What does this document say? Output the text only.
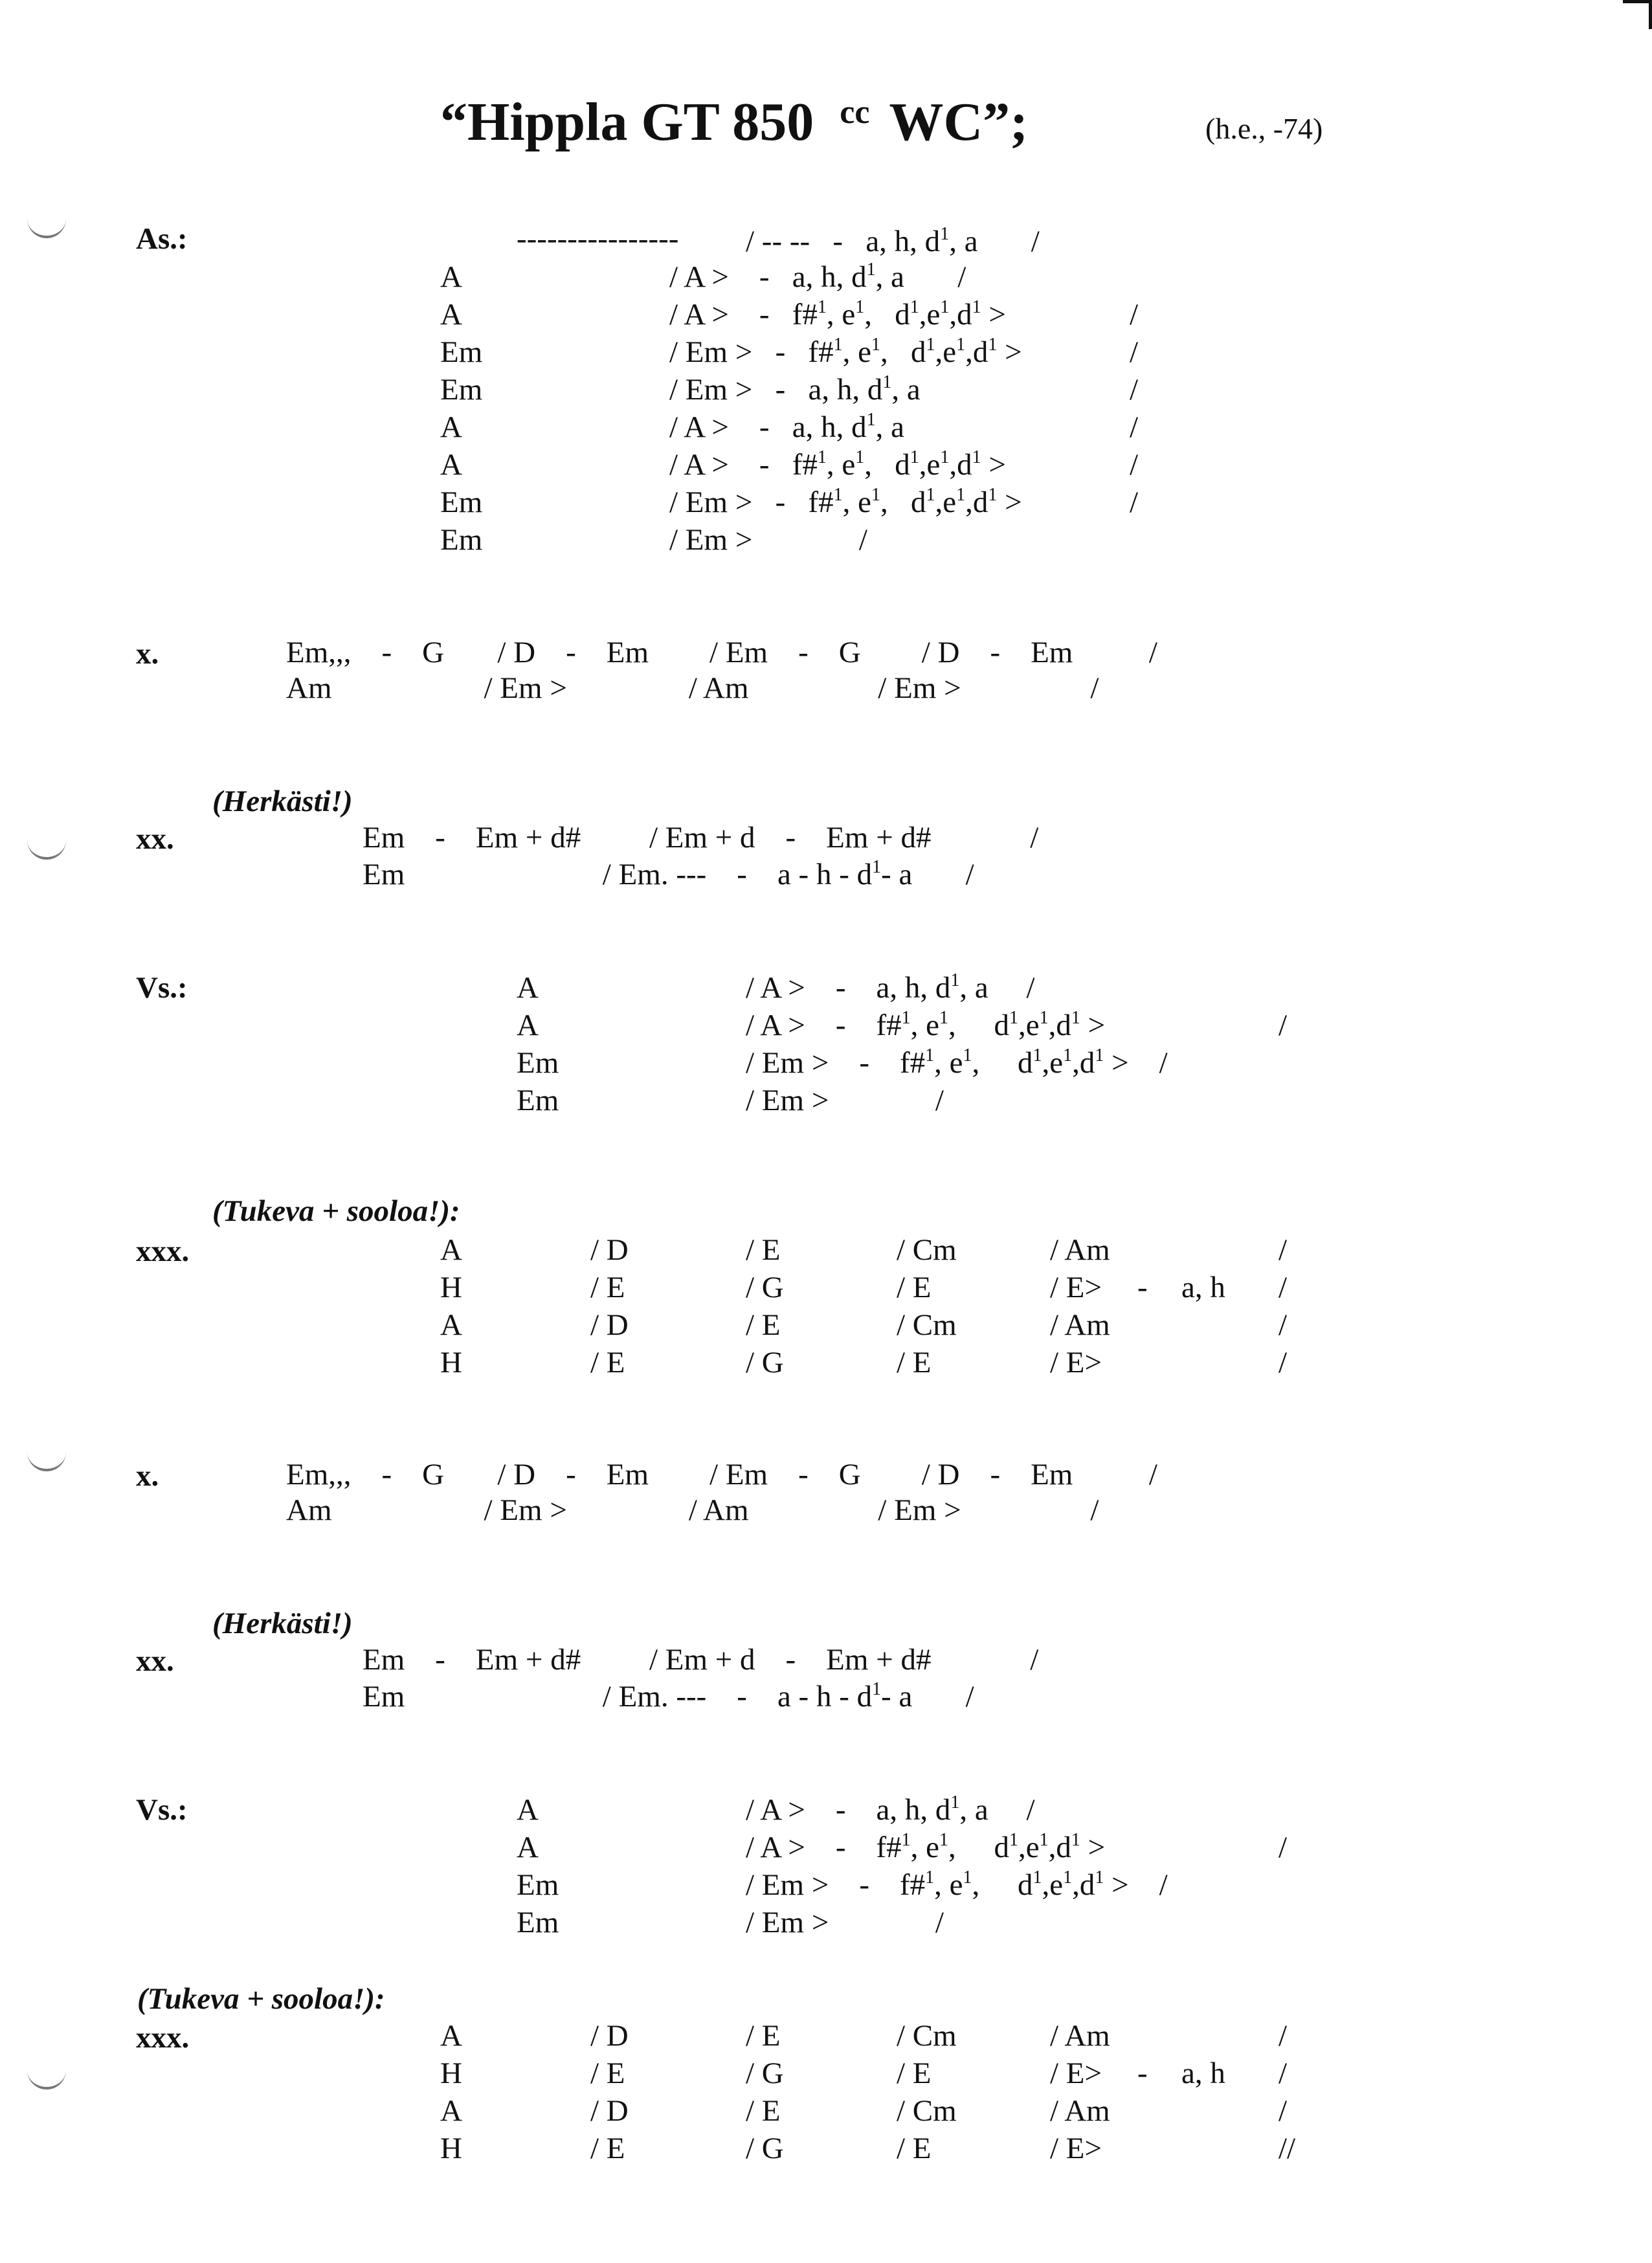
“Hippla GT 850 $^{cc}$ WC”;	(h.e., -74)
As.:	---------------- / -- --   -   a, h, $d^1$, a       /
A	/ A >    -   a, h, $d^1$, a       /
A	/ A >    -   f#$^1$, $e^1$,   $d^1,e^1,d^1$ >	/
Em	/ Em >   -   f#$^1$, $e^1$,   $d^1,e^1,d^1$ >	/
Em	/ Em >   -   a, h, $d^1$, a	/
A	/ A >    -   a, h, $d^1$, a	/
A	/ A >    -   f#$^1$, $e^1$,   $d^1,e^1,d^1$ >	/
Em	/ Em >   -   f#$^1$, $e^1$,   $d^1,e^1,d^1$ >	/
Em	/ Em >              /
x.	Em,,,    -    G       / D    -    Em        / Em    -    G        / D    -    Em          /
Am                    / Em >                / Am                 / Em >                 /
(Herkästi!)
xx.	Em    -    Em + d#         / Em + d    -    Em + d#             /
Em                          / Em. ---    -    a - h - $d^1-$ a       /
Vs.:	A	/ A >    -    a, h, $d^1$, a     /
A	/ A >    -    f#$^1$, $e^1$,     $d^1,e^1,d^1$ >	/
Em	/ Em >    -    f#$^1$, $e^1$,     $d^1,e^1,d^1$ >    /
Em	/ Em >              /
(Tukeva + sooloa!):
xxx.	A	/ D	/ E	/ Cm	/ Am	/
H	/ E	/ G	/ E	/ E> - a, h /
A	/ D	/ E	/ Cm	/ Am	/
H	/ E	/ G	/ E	/ E>	/
x.	Em,,,    -    G       / D    -    Em        / Em    -    G        / D    -    Em          /
Am                    / Em >                / Am                 / Em >                 /
(Herkästi!)
xx.	Em    -    Em + d#         / Em + d    -    Em + d#             /
Em                          / Em. ---    -    a - h - $d^1-$ a       /
Vs.:	A	/ A >    -    a, h, $d^1$, a     /
A	/ A >    -    f#$^1$, $e^1$,     $d^1,e^1,d^1$ >	/
Em	/ Em >    -    f#$^1$, $e^1$,     $d^1,e^1,d^1$ >    /
Em	/ Em >              /
(Tukeva + sooloa!):
xxx.	A	/ D	/ E	/ Cm	/ Am	/
H	/ E	/ G	/ E	/ E> - a, h /
A	/ D	/ E	/ Cm	/ Am	/
H	/ E	/ G	/ E	/ E>	//
